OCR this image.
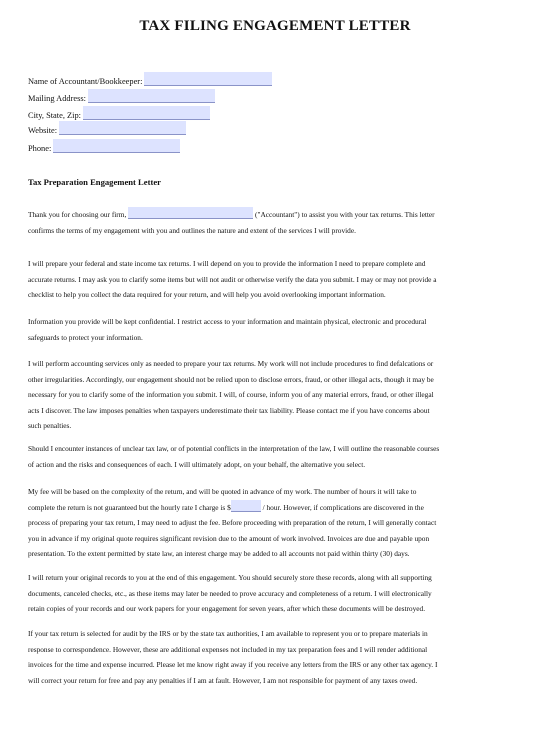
TAX FILING ENGAGEMENT LETTER
Name of Accountant/Bookkeeper:
Mailing Address:
City, State, Zip:
Website:
Phone:
Tax Preparation Engagement Letter
Thank you for choosing our firm,	("Accountant") to assist you with your tax returns. This letter
confirms the terms of my engagement with you and outlines the nature and extent of the services I will provide.
I will prepare your federal and state income tax returns. I will depend on you to provide the information I need to prepare complete and
accurate returns. I may ask you to clarify some items but will not audit or otherwise verify the data you submit. I may or may not provide a
checklist to help you collect the data required for your return, and will help you avoid overlooking important information.
Information you provide will be kept confidential. I restrict access to your information and maintain physical, electronic and procedural
safeguards to protect your information.
I will perform accounting services only as needed to prepare your tax returns. My work will not include procedures to find defalcations or
other irregularities. Accordingly, our engagement should not be relied upon to disclose errors, fraud, or other illegal acts, though it may be
necessary for you to clarify some of the information you submit. I will, of course, inform you of any material errors, fraud, or other illegal
acts I discover. The law imposes penalties when taxpayers underestimate their tax liability. Please contact me if you have concerns about
such penalties.
Should I encounter instances of unclear tax law, or of potential conflicts in the interpretation of the law, I will outline the reasonable courses
of action and the risks and consequences of each. I will ultimately adopt, on your behalf, the alternative you select.
My fee will be based on the complexity of the return, and will be quoted in advance of my work. The number of hours it will take to
complete the return is not guaranteed but the hourly rate I charge is $	/ hour. However, if complications are discovered in the
process of preparing your tax return, I may need to adjust the fee. Before proceeding with preparation of the return, I will generally contact
you in advance if my original quote requires significant revision due to the amount of work involved. Invoices are due and payable upon
presentation. To the extent permitted by state law, an interest charge may be added to all accounts not paid within thirty (30) days.
I will return your original records to you at the end of this engagement. You should securely store these records, along with all supporting
documents, canceled checks, etc., as these items may later be needed to prove accuracy and completeness of a return. I will electronically
retain copies of your records and our work papers for your engagement for seven years, after which these documents will be destroyed.
If your tax return is selected for audit by the IRS or by the state tax authorities, I am available to represent you or to prepare materials in
response to correspondence. However, these are additional expenses not included in my tax preparation fees and I will render additional
invoices for the time and expense incurred. Please let me know right away if you receive any letters from the IRS or any other tax agency. I
will correct your return for free and pay any penalties if I am at fault. However, I am not responsible for payment of any taxes owed.
